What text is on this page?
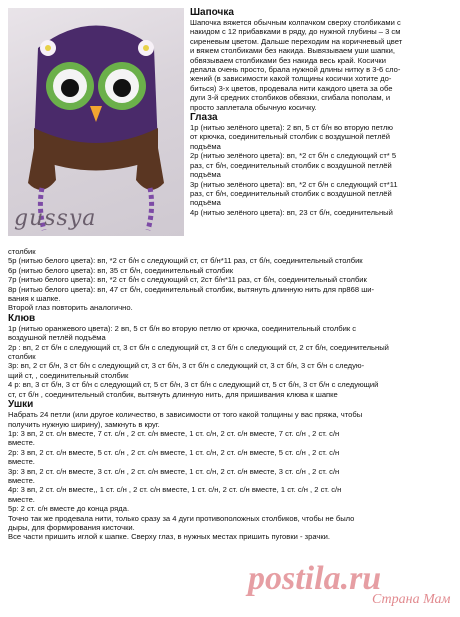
gussya
Шапочка

Шапочка вяжется обычным колпачком сверху столбиками с

накидом с 12 прибавками в ряду, до нужной глубины – 3 см

сиреневым цветом. Дальше переходим на коричневый цвет

и вяжем столбиками без накида. Вывязываем уши шапки,

обвязываем столбиками без накида весь край. Косички

делала очень просто, брала нужной длины нитку в 3-6 сло-

жений (в зависимости какой толщины косички хотите до-

биться) 3-х цветов, продевала нити каждого цвета за обе

дуги 3-й средних столбиков обвязки, сгибала пополам, и

просто заплетала обычную косичку.

Глаза

1р (нитью зелёного цвета): 2 вп, 5 ст б/н во вторую петлю

от крючка, соединительный столбик с воздушной петлёй

подъёма

2р (нитью зелёного цвета): вп, *2 ст б/н с следующий ст* 5

раз, ст б/н, соединительный столбик с воздушной петлёй

подъёма

3р (нитью зелёного цвета): вп, *2 ст б/н с следующий ст*11

раз, ст б/н, соединительный столбик с воздушной петлёй

подъёма

4р (нитью зелёного цвета): вп, 23 ст б/н, соединительный

столбик

5р (нитью белого цвета): вп, *2 ст б/н с следующий ст, ст б/н*11 раз, ст б/н, соединительный столбик

6р (нитью белого цвета): вп, 35 ст б/н, соединительный столбик

7р (нитью белого цвета): вп, *2 ст б/н с следующий ст, 2ст б/н*11 раз, ст б/н, соединительный столбик

8р (нитью белого цвета): вп, 47 ст б/н, соединительный столбик, вытянуть длинную нить для пр868 ши-

вания к шапке.

Второй глаз повторить аналогично.

Клюв

1р (нитью оранжевого цвета): 2 вп, 5 ст б/н во вторую петлю от крючка, соединительный столбик с

воздушной петлёй подъёма

2р : вп, 2 ст б/н с следующий ст, 3 ст б/н с следующий ст, 3 ст б/н с следующий ст, 2 ст б/н, соединительный

столбик

3р: вп, 2 ст б/н, 3 ст б/н с следующий ст, 3 ст б/н, 3 ст б/н с следующий ст, 3 ст б/н, 3 ст б/н с следую-

щий ст, , соединительный столбик

4 р: вп, 3 ст б/н, 3 ст б/н с следующий ст, 5 ст б/н, 3 ст б/н с следующий ст, 5 ст б/н, 3 ст б/н с следующий

ст, ст б/н , соединительный столбик, вытянуть длинную нить, для пришивания клюва к шапке

Ушки

Набрать 24 петли (или другое количество, в зависимости от того какой толщины у вас пряжа, чтобы

получить нужную ширину), замкнуть в круг.

1р: 3 вп, 2 ст. с/н вместе, 7 ст. с/н , 2 ст. с/н вместе, 1 ст. с/н, 2 ст. с/н вместе, 7 ст. с/н , 2 ст. с/н

вместе.

2р: 3 вп, 2 ст. с/н вместе, 5 ст. с/н , 2 ст. с/н вместе, 1 ст. с/н, 2 ст. с/н вместе, 5 ст. с/н , 2 ст. с/н

вместе.

3р: 3 вп, 2 ст. с/н вместе, 3 ст. с/н , 2 ст. с/н вместе, 1 ст. с/н, 2 ст. с/н вместе, 3 ст. с/н , 2 ст. с/н

вместе.

4р: 3 вп, 2 ст. с/н вместе,, 1 ст. с/н , 2 ст. с/н вместе, 1 ст. с/н, 2 ст. с/н вместе, 1 ст. с/н , 2 ст. с/н

вместе.

5р: 2 ст. с/н вместе до конца ряда.

Точно так же продевала нити, только сразу за 4 дуги противоположных столбиков, чтобы не было

дыры, для формирования кисточки.

Все части пришить иглой к шапке. Сверху глаз, в нужных местах пришить пуговки - зрачки.

postila.ru
Страна Мам
